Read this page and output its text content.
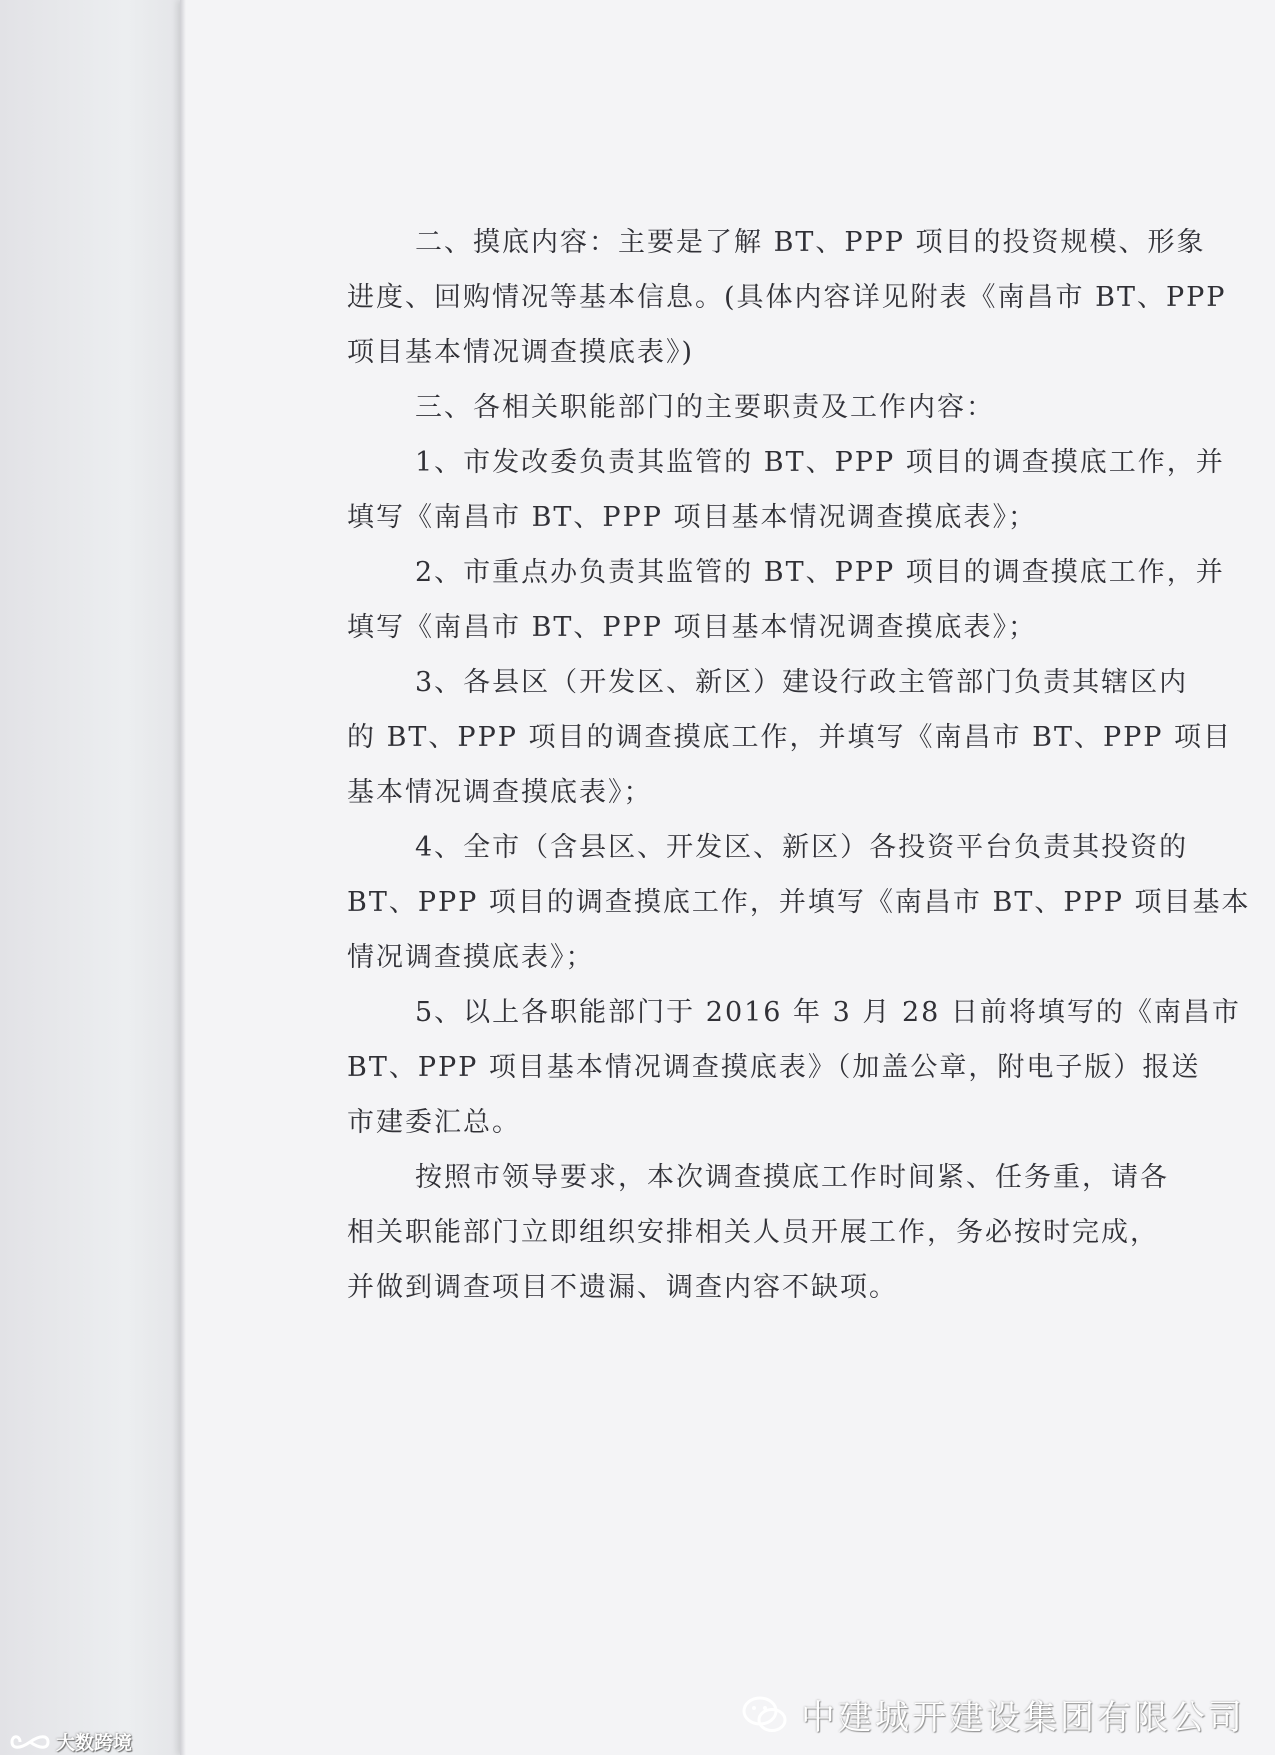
二、摸底内容：主要是了解 BT、PPP 项目的投资规模、形象
进度、回购情况等基本信息。(具体内容详见附表《南昌市 BT、PPP
项目基本情况调查摸底表》)
三、各相关职能部门的主要职责及工作内容：
1、市发改委负责其监管的 BT、PPP 项目的调查摸底工作，并
填写《南昌市 BT、PPP 项目基本情况调查摸底表》；
2、市重点办负责其监管的 BT、PPP 项目的调查摸底工作，并
填写《南昌市 BT、PPP 项目基本情况调查摸底表》；
3、各县区（开发区、新区）建设行政主管部门负责其辖区内
的 BT、PPP 项目的调查摸底工作，并填写《南昌市 BT、PPP 项目
基本情况调查摸底表》；
4、全市（含县区、开发区、新区）各投资平台负责其投资的
BT、PPP 项目的调查摸底工作，并填写《南昌市 BT、PPP 项目基本
情况调查摸底表》；
5、以上各职能部门于 2016 年 3 月 28 日前将填写的《南昌市
BT、PPP 项目基本情况调查摸底表》（加盖公章，附电子版）报送
市建委汇总。
按照市领导要求，本次调查摸底工作时间紧、任务重，请各
相关职能部门立即组织安排相关人员开展工作，务必按时完成，
并做到调查项目不遗漏、调查内容不缺项。
中建城开建设集团有限公司
大数跨境
